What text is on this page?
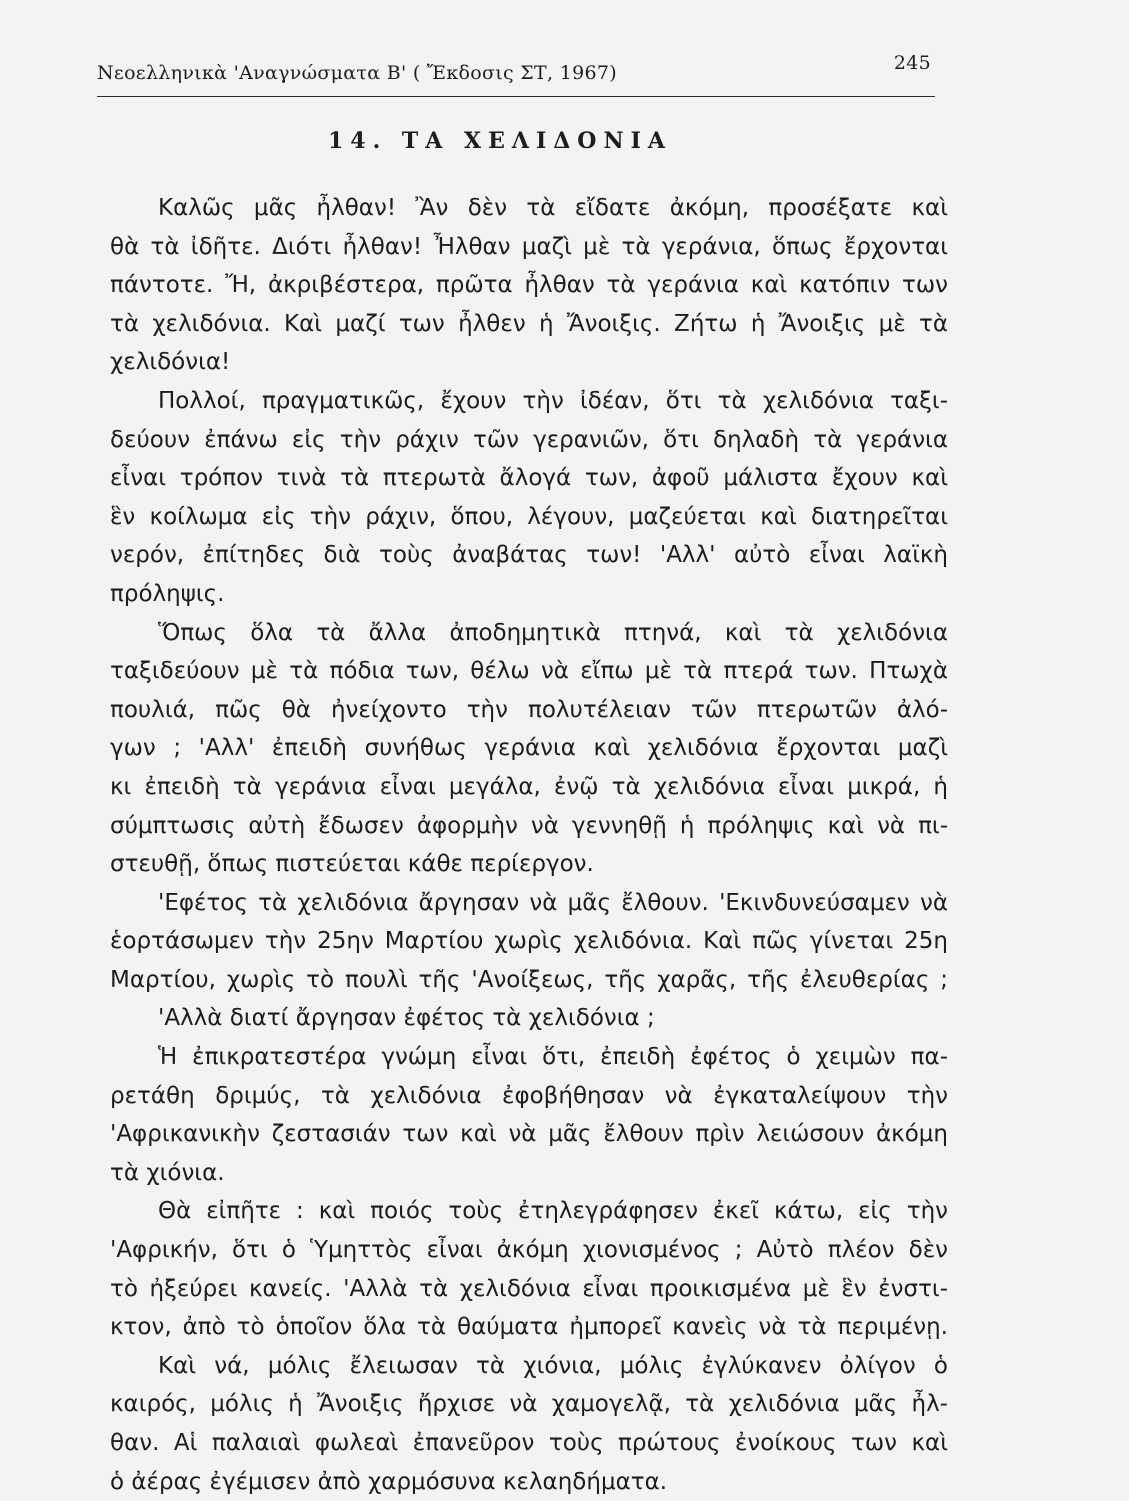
Νεοελληνικὰ 'Αναγνώσματα Β' ( Ἔκδοσις ΣΤ, 1967)	245
14. ΤΑ ΧΕΛΙΔΟΝΙΑ
Καλῶς μᾶς ἦλθαν! Ἂν δὲν τὰ εἴδατε ἀκόμη, προσέξατε καὶ
θὰ τὰ ἰδῆτε. Διότι ἦλθαν! Ἦλθαν μαζὶ μὲ τὰ γεράνια, ὅπως ἔρχονται
πάντοτε. Ἤ, ἀκριβέστερα, πρῶτα ἦλθαν τὰ γεράνια καὶ κατόπιν των
τὰ χελιδόνια. Καὶ μαζί των ἦλθεν ἡ Ἄνοιξις. Ζήτω ἡ Ἄνοιξις μὲ τὰ
χελιδόνια!
Πολλοί, πραγματικῶς, ἔχουν τὴν ἰδέαν, ὅτι τὰ χελιδόνια ταξι-
δεύουν ἐπάνω εἰς τὴν ράχιν τῶν γερανιῶν, ὅτι δηλαδὴ τὰ γεράνια
εἶναι τρόπον τινὰ τὰ πτερωτὰ ἄλογά των, ἀφοῦ μάλιστα ἔχουν καὶ
ἓν κοίλωμα εἰς τὴν ράχιν, ὅπου, λέγουν, μαζεύεται καὶ διατηρεῖται
νερόν, ἐπίτηδες διὰ τοὺς ἀναβάτας των! 'Αλλ' αὐτὸ εἶναι λαϊκὴ
πρόληψις.
Ὅπως ὅλα τὰ ἄλλα ἀποδημητικὰ πτηνά, καὶ τὰ χελιδόνια
ταξιδεύουν μὲ τὰ πόδια των, θέλω νὰ εἴπω μὲ τὰ πτερά των. Πτωχὰ
πουλιά, πῶς θὰ ἠνείχοντο τὴν πολυτέλειαν τῶν πτερωτῶν ἀλό-
γων ; 'Αλλ' ἐπειδὴ συνήθως γεράνια καὶ χελιδόνια ἔρχονται μαζὶ
κι ἐπειδὴ τὰ γεράνια εἶναι μεγάλα, ἐνῷ τὰ χελιδόνια εἶναι μικρά, ἡ
σύμπτωσις αὐτὴ ἔδωσεν ἀφορμὴν νὰ γεννηθῇ ἡ πρόληψις καὶ νὰ πι-
στευθῇ, ὅπως πιστεύεται κάθε περίεργον.
'Εφέτος τὰ χελιδόνια ἄργησαν νὰ μᾶς ἔλθουν. 'Εκινδυνεύσαμεν νὰ
ἑορτάσωμεν τὴν 25ην Μαρτίου χωρὶς χελιδόνια. Καὶ πῶς γίνεται 25η
Μαρτίου, χωρὶς τὸ πουλὶ τῆς 'Ανοίξεως, τῆς χαρᾶς, τῆς ἐλευθερίας ;
'Αλλὰ διατί ἄργησαν ἐφέτος τὰ χελιδόνια ;
Ἡ ἐπικρατεστέρα γνώμη εἶναι ὅτι, ἐπειδὴ ἐφέτος ὁ χειμὼν πα-
ρετάθη δριμύς, τὰ χελιδόνια ἐφοβήθησαν νὰ ἐγκαταλείψουν τὴν
'Αφρικανικὴν ζεστασιάν των καὶ νὰ μᾶς ἔλθουν πρὶν λειώσουν ἀκόμη
τὰ χιόνια.
Θὰ εἰπῆτε : καὶ ποιός τοὺς ἐτηλεγράφησεν ἐκεῖ κάτω, εἰς τὴν
'Αφρικήν, ὅτι ὁ Ὑμηττὸς εἶναι ἀκόμη χιονισμένος ; Αὐτὸ πλέον δὲν
τὸ ἠξεύρει κανείς. 'Αλλὰ τὰ χελιδόνια εἶναι προικισμένα μὲ ἓν ἐνστι-
κτον, ἀπὸ τὸ ὁποῖον ὅλα τὰ θαύματα ἠμπορεῖ κανεὶς νὰ τὰ περιμένῃ.
Καὶ νά, μόλις ἔλειωσαν τὰ χιόνια, μόλις ἐγλύκανεν ὀλίγον ὁ
καιρός, μόλις ἡ Ἄνοιξις ἤρχισε νὰ χαμογελᾷ, τὰ χελιδόνια μᾶς ἦλ-
θαν. Αἱ παλαιαὶ φωλεαὶ ἐπανεῦρον τοὺς πρώτους ἐνοίκους των καὶ
ὁ ἀέρας ἐγέμισεν ἀπὸ χαρμόσυνα κελαηδήματα.
